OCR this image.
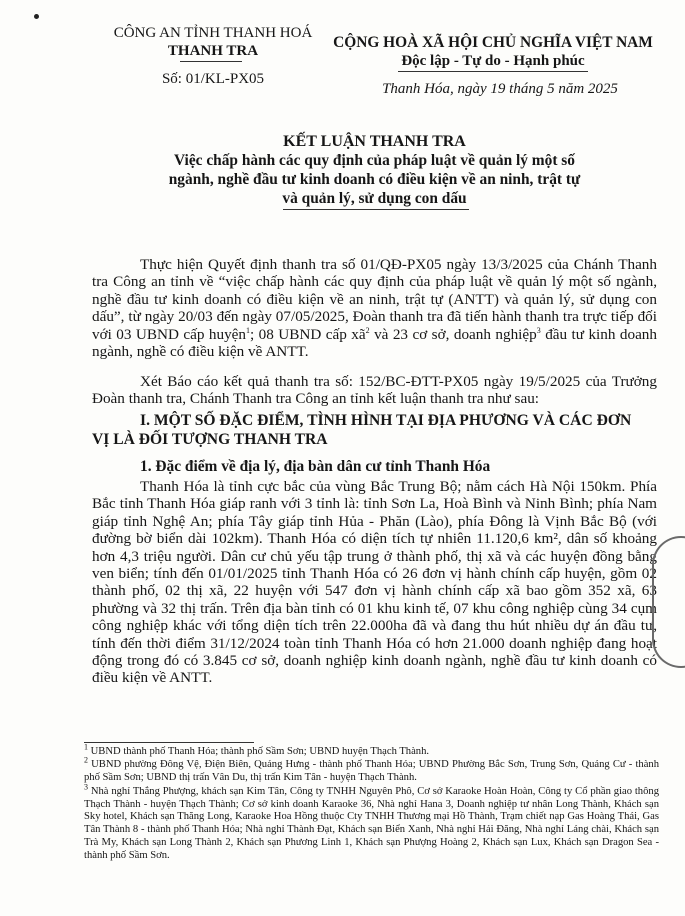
CÔNG AN TỈNH THANH HOÁ
THANH TRA
Số: 01/KL-PX05
CỘNG HOÀ XÃ HỘI CHỦ NGHĨA VIỆT NAM
Độc lập - Tự do - Hạnh phúc
Thanh Hóa, ngày 19 tháng 5 năm 2025
KẾT LUẬN THANH TRA
Việc chấp hành các quy định của pháp luật về quản lý một số
ngành, nghề đầu tư kinh doanh có điều kiện về an ninh, trật tự
và quản lý, sử dụng con dấu
Thực hiện Quyết định thanh tra số 01/QĐ-PX05 ngày 13/3/2025 của Chánh Thanh tra Công an tỉnh về “việc chấp hành các quy định của pháp luật về quản lý một số ngành, nghề đầu tư kinh doanh có điều kiện về an ninh, trật tự (ANTT) và quản lý, sử dụng con dấu”, từ ngày 20/03 đến ngày 07/05/2025, Đoàn thanh tra đã tiến hành thanh tra trực tiếp đối với 03 UBND cấp huyện$^1$; 08 UBND cấp $xã^2$ và 23 cơ sở, doanh nghiệp$^3$ đầu tư kinh doanh ngành, nghề có điều kiện về ANTT.
Xét Báo cáo kết quả thanh tra số: 152/BC-ĐTT-PX05 ngày 19/5/2025 của Trưởng Đoàn thanh tra, Chánh Thanh tra Công an tỉnh kết luận thanh tra như sau:
I. MỘT SỐ ĐẶC ĐIỂM, TÌNH HÌNH TẠI ĐỊA PHƯƠNG VÀ CÁC ĐƠN
VỊ LÀ ĐỐI TƯỢNG THANH TRA
1. Đặc điểm về địa lý, địa bàn dân cư tỉnh Thanh Hóa
Thanh Hóa là tỉnh cực bắc của vùng Bắc Trung Bộ; nằm cách Hà Nội 150km. Phía Bắc tỉnh Thanh Hóa giáp ranh với 3 tỉnh là: tỉnh Sơn La, Hoà Bình và Ninh Bình; phía Nam giáp tỉnh Nghệ An; phía Tây giáp tỉnh Hủa - Phăn (Lào), phía Đông là Vịnh Bắc Bộ (với đường bờ biển dài 102km). Thanh Hóa có diện tích tự nhiên 11.120,6 km², dân số khoảng hơn 4,3 triệu người. Dân cư chủ yếu tập trung ở thành phố, thị xã và các huyện đồng bằng ven biển; tính đến 01/01/2025 tỉnh Thanh Hóa có 26 đơn vị hành chính cấp huyện, gồm 02 thành phố, 02 thị xã, 22 huyện với 547 đơn vị hành chính cấp xã bao gồm 352 xã, 63 phường và 32 thị trấn. Trên địa bàn tỉnh có 01 khu kinh tế, 07 khu công nghiệp cùng 34 cụm công nghiệp khác với tổng diện tích trên 22.000ha đã và đang thu hút nhiều dự án đầu tư, tính đến thời điểm 31/12/2024 toàn tỉnh Thanh Hóa có hơn 21.000 doanh nghiệp đang hoạt động trong đó có 3.845 cơ sở, doanh nghiệp kinh doanh ngành, nghề đầu tư kinh doanh có điều kiện về ANTT.
$^1$ UBND thành phố Thanh Hóa; thành phố Sầm Sơn; UBND huyện Thạch Thành.
$^2$ UBND phường Đông Vệ, Điện Biên, Quảng Hưng - thành phố Thanh Hóa; UBND Phường Bắc Sơn, Trung Sơn, Quảng Cư - thành phố Sầm Sơn; UBND thị trấn Vân Du, thị trấn Kim Tân - huyện Thạch Thành.
$^3$ Nhà nghỉ Thắng Phượng, khách sạn Kim Tân, Công ty TNHH Nguyên Phô, Cơ sở Karaoke Hoàn Hoàn, Công ty Cổ phần giao thông Thạch Thành - huyện Thạch Thành; Cơ sở kinh doanh Karaoke 36, Nhà nghỉ Hana 3, Doanh nghiệp tư nhân Long Thành, Khách sạn Sky hotel, Khách sạn Thăng Long, Karaoke Hoa Hồng thuộc Cty TNHH Thương mại Hồ Thành, Trạm chiết nạp Gas Hoàng Thái, Gas Tân Thành 8 - thành phố Thanh Hóa; Nhà nghỉ Thành Đạt, Khách sạn Biển Xanh, Nhà nghỉ Hải Đăng, Nhà nghỉ Láng chài, Khách sạn Trà My, Khách sạn Long Thành 2, Khách sạn Phương Linh 1, Khách sạn Phượng Hoàng 2, Khách sạn Lux, Khách sạn Dragon Sea - thành phố Sầm Sơn.
